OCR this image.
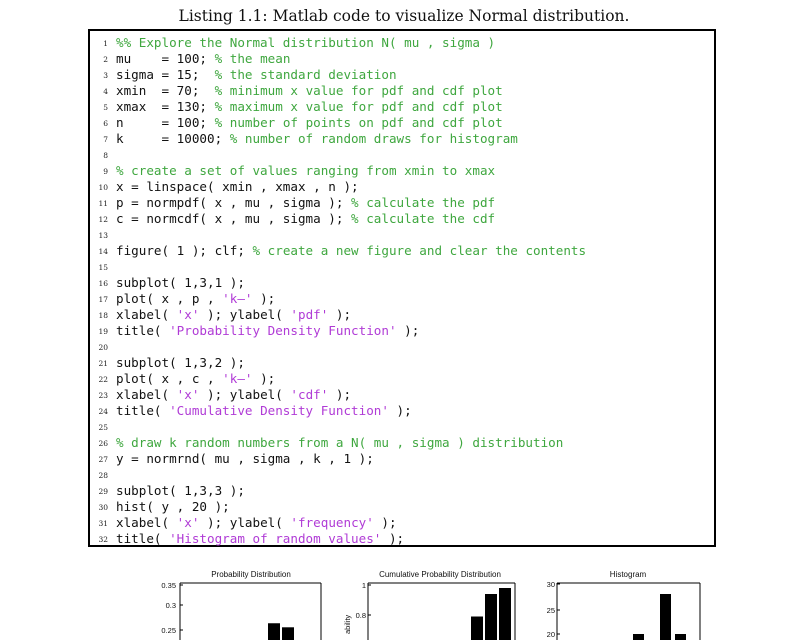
Listing 1.1: Matlab code to visualize Normal distribution.
1 %% Explore the Normal distribution N( mu , sigma )
2 mu    = 100; % the mean
3 sigma = 15;  % the standard deviation
4 xmin  = 70;  % minimum x value for pdf and cdf plot
5 xmax  = 130; % maximum x value for pdf and cdf plot
6 n     = 100; % number of points on pdf and cdf plot
7 k     = 10000; % number of random draws for histogram
8
9 % create a set of values ranging from xmin to xmax
10 x = linspace( xmin , xmax , n );
11 p = normpdf( x , mu , sigma ); % calculate the pdf
12 c = normcdf( x , mu , sigma ); % calculate the cdf
13
14 figure( 1 ); clf; % create a new figure and clear the contents
15
16 subplot( 1,3,1 );
17 plot( x , p , 'k—' );
18 xlabel( 'x' ); ylabel( 'pdf' );
19 title( 'Probability Density Function' );
20
21 subplot( 1,3,2 );
22 plot( x , c , 'k—' );
23 xlabel( 'x' ); ylabel( 'cdf' );
24 title( 'Cumulative Density Function' );
25
26 % draw k random numbers from a N( mu , sigma ) distribution
27 y = normrnd( mu , sigma , k , 1 );
28
29 subplot( 1,3,3 );
30 hist( y , 20 );
31 xlabel( 'x' ); ylabel( 'frequency' );
32 title( 'Histogram of random values' );
Probability Distribution
0.35
0.3
0.25
Cumulative Probability Distribution
1
0.8
ability
Histogram
30
25
20
